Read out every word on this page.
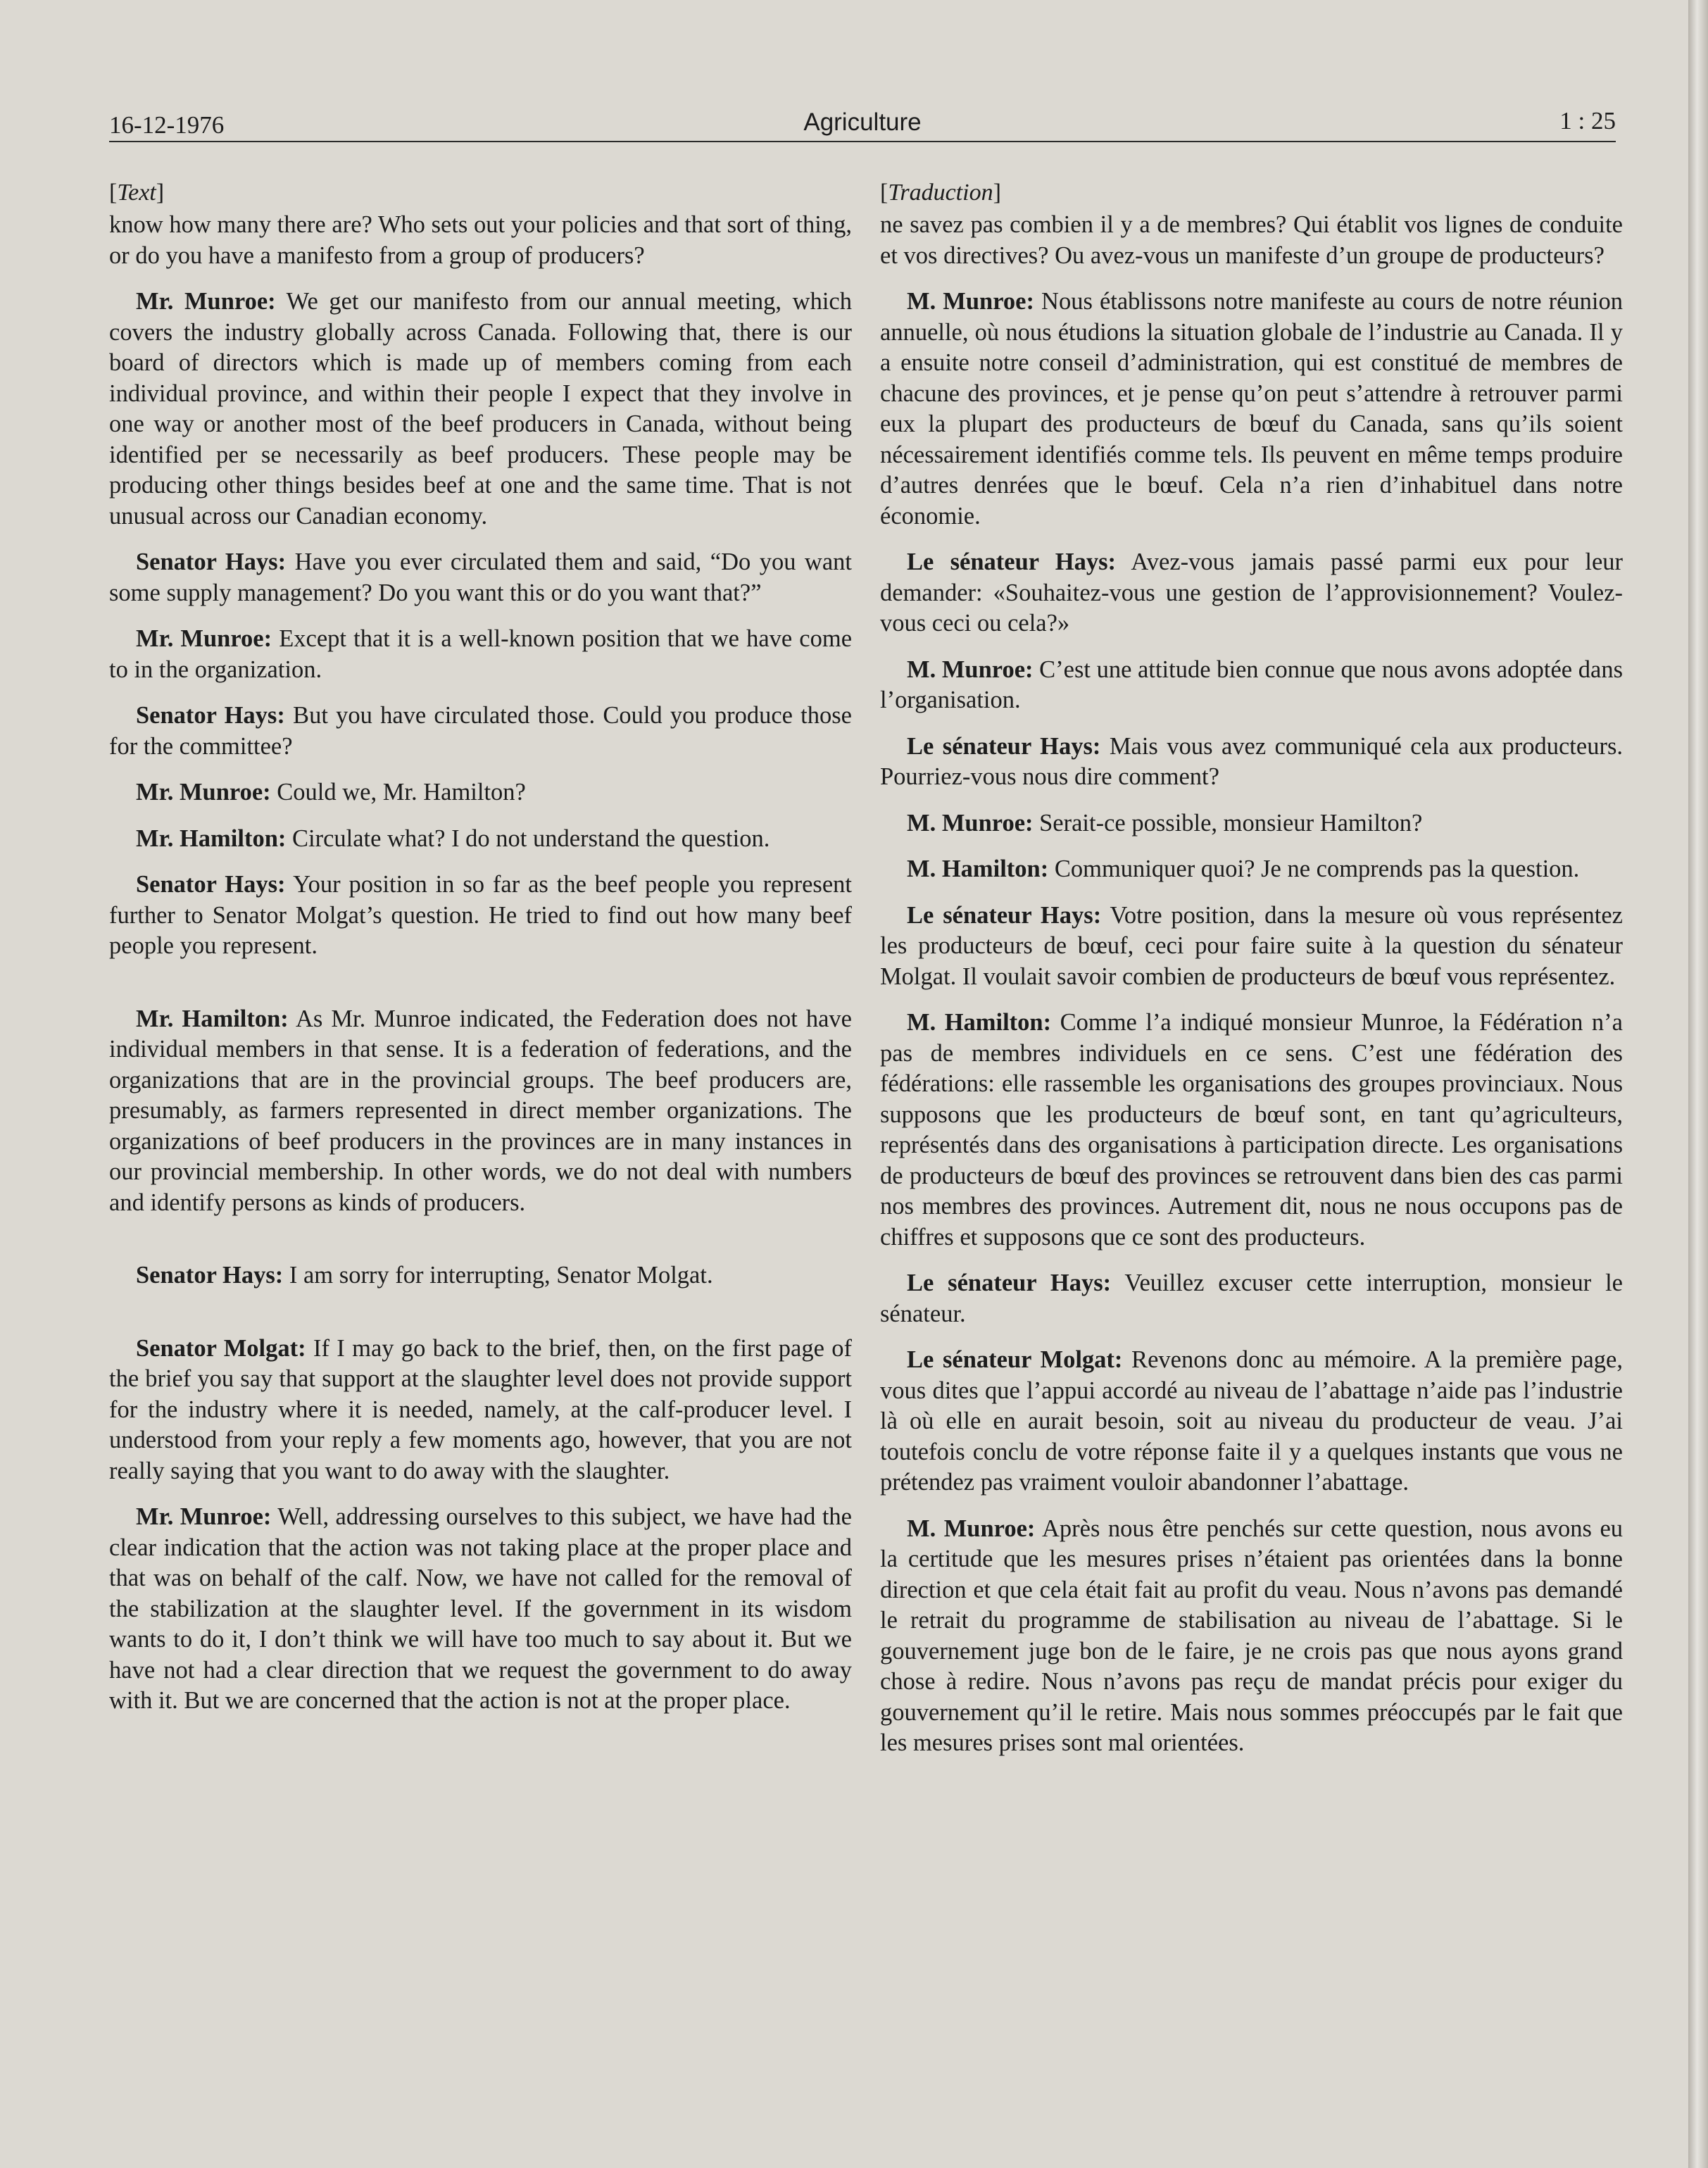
16-12-1976	Agriculture	1 : 25
[Text]

know how many there are? Who sets out your policies and that sort of thing, or do you have a manifesto from a group of producers?

Mr. Munroe: We get our manifesto from our annual meeting, which covers the industry globally across Canada. Following that, there is our board of directors which is made up of members coming from each individual province, and within their people I expect that they involve in one way or another most of the beef producers in Canada, without being identified per se necessarily as beef producers. These people may be producing other things besides beef at one and the same time. That is not unusual across our Canadian economy.

Senator Hays: Have you ever circulated them and said, “Do you want some supply management? Do you want this or do you want that?”

Mr. Munroe: Except that it is a well-known position that we have come to in the organization.

Senator Hays: But you have circulated those. Could you produce those for the committee?

Mr. Munroe: Could we, Mr. Hamilton?

Mr. Hamilton: Circulate what? I do not understand the question.

Senator Hays: Your position in so far as the beef people you represent further to Senator Molgat’s question. He tried to find out how many beef people you represent.

Mr. Hamilton: As Mr. Munroe indicated, the Federation does not have individual members in that sense. It is a federation of federations, and the organizations that are in the provincial groups. The beef producers are, presumably, as farmers represented in direct member organizations. The organizations of beef producers in the provinces are in many instances in our provincial membership. In other words, we do not deal with numbers and identify persons as kinds of producers.

Senator Hays: I am sorry for interrupting, Senator Molgat.

Senator Molgat: If I may go back to the brief, then, on the first page of the brief you say that support at the slaughter level does not provide support for the industry where it is needed, namely, at the calf-producer level. I understood from your reply a few moments ago, however, that you are not really saying that you want to do away with the slaughter.

Mr. Munroe: Well, addressing ourselves to this subject, we have had the clear indication that the action was not taking place at the proper place and that was on behalf of the calf. Now, we have not called for the removal of the stabilization at the slaughter level. If the government in its wisdom wants to do it, I don’t think we will have too much to say about it. But we have not had a clear direction that we request the government to do away with it. But we are concerned that the action is not at the proper place.

[Traduction]

ne savez pas combien il y a de membres? Qui établit vos lignes de conduite et vos directives? Ou avez-vous un manifeste d’un groupe de producteurs?

M. Munroe: Nous établissons notre manifeste au cours de notre réunion annuelle, où nous étudions la situation globale de l’industrie au Canada. Il y a ensuite notre conseil d’administration, qui est constitué de membres de chacune des provinces, et je pense qu’on peut s’attendre à retrouver parmi eux la plupart des producteurs de bœuf du Canada, sans qu’ils soient nécessairement identifiés comme tels. Ils peuvent en même temps produire d’autres denrées que le bœuf. Cela n’a rien d’inhabituel dans notre économie.

Le sénateur Hays: Avez-vous jamais passé parmi eux pour leur demander: «Souhaitez-vous une gestion de l’approvisionnement? Voulez-vous ceci ou cela?»

M. Munroe: C’est une attitude bien connue que nous avons adoptée dans l’organisation.

Le sénateur Hays: Mais vous avez communiqué cela aux producteurs. Pourriez-vous nous dire comment?

M. Munroe: Serait-ce possible, monsieur Hamilton?

M. Hamilton: Communiquer quoi? Je ne comprends pas la question.

Le sénateur Hays: Votre position, dans la mesure où vous représentez les producteurs de bœuf, ceci pour faire suite à la question du sénateur Molgat. Il voulait savoir combien de producteurs de bœuf vous représentez.

M. Hamilton: Comme l’a indiqué monsieur Munroe, la Fédération n’a pas de membres individuels en ce sens. C’est une fédération des fédérations: elle rassemble les organisations des groupes provinciaux. Nous supposons que les producteurs de bœuf sont, en tant qu’agriculteurs, représentés dans des organisations à participation directe. Les organisations de producteurs de bœuf des provinces se retrouvent dans bien des cas parmi nos membres des provinces. Autrement dit, nous ne nous occupons pas de chiffres et supposons que ce sont des producteurs.

Le sénateur Hays: Veuillez excuser cette interruption, monsieur le sénateur.

Le sénateur Molgat: Revenons donc au mémoire. A la première page, vous dites que l’appui accordé au niveau de l’abattage n’aide pas l’industrie là où elle en aurait besoin, soit au niveau du producteur de veau. J’ai toutefois conclu de votre réponse faite il y a quelques instants que vous ne prétendez pas vraiment vouloir abandonner l’abattage.

M. Munroe: Après nous être penchés sur cette question, nous avons eu la certitude que les mesures prises n’étaient pas orientées dans la bonne direction et que cela était fait au profit du veau. Nous n’avons pas demandé le retrait du programme de stabilisation au niveau de l’abattage. Si le gouvernement juge bon de le faire, je ne crois pas que nous ayons grand chose à redire. Nous n’avons pas reçu de mandat précis pour exiger du gouvernement qu’il le retire. Mais nous sommes préoccupés par le fait que les mesures prises sont mal orientées.
